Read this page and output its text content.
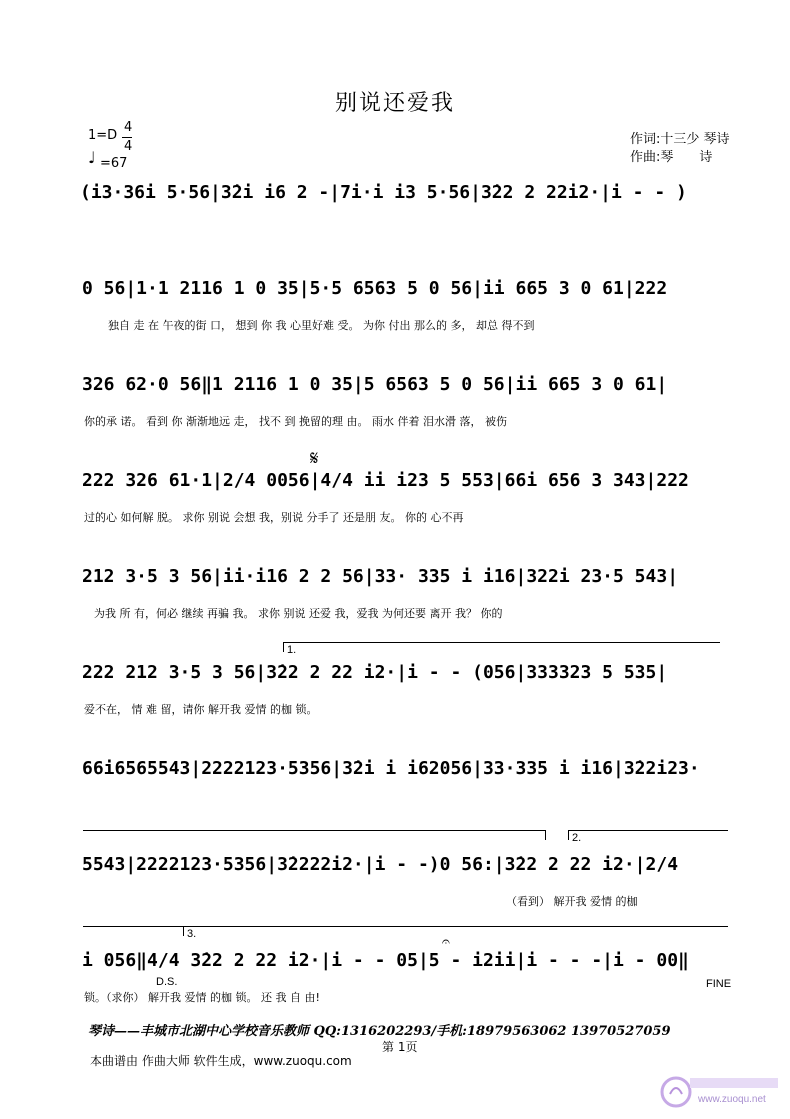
别说还爱我
1=D
4
4
♩ =67
作词:十三少 琴诗
作曲:琴　　诗
(i3·36i 5·56|3̇2i i6 2 -|7i·i i3 5·56|3̇22 2 22i2·|i - - )
0 56|1·1 2116 1 0 35|5·5 6563 5 0 56|ii 665 3 0 61|222
独自 走 在 午夜的街 口， 想到 你 我 心里好难 受。 为你 付出 那么的 多， 却总 得不到
326 62·0 56‖1 2116 1 0 35|5 6563 5 0 56|ii 665 3 0 61|
你的承 诺。 看到 你 渐渐地远 走， 找不 到 挽留的理 由。 雨水 伴着 泪水滑 落， 被伤
𝄋
222 326 61·1|2/4 0056|4/4 ii i23 5 553|66i 656 3 343|222
过的心 如何解 脱。 求你 别说 会想 我，别说 分手了 还是朋 友。 你的 心不再
212 3·5 3 56|ii·i16 2 2 56|33· 335 i i16|322i 23·5 543|
为我 所 有，何必 继续 再骗 我。 求你 别说 还爱 我，爱我 为何还要 离开 我？ 你的
1.
222 212 3·5 3 56|3̇22 2 22 i2·|i - - (056|333323 5 535|
爱不在， 情 难 留，请你 解开我 爱情 的枷 锁。
66i6565543|2222123·5356|3̇2i i i62056|33·335 i i16|3̇22i23·
2.
5543|2222123·5356|3̇2222i2·|i - -)0 56:|3̇22 2 22 i2·|2/4
（看到） 解开我 爱情 的枷
3.	𝄐
i 056‖4/4 3̇22 2 22 i2·|i - - 05|5 - i2ii|i - - -|i - 00‖
D.S.	FINE
锁。（求你） 解开我 爱情 的枷 锁。 还 我 自 由!
琴诗——丰城市北湖中心学校音乐教师 QQ:1316202293/手机:18979563062 13970527059
第 1页
本曲谱由 作曲大师 软件生成，www.zuoqu.com
www.zuoqu.net
